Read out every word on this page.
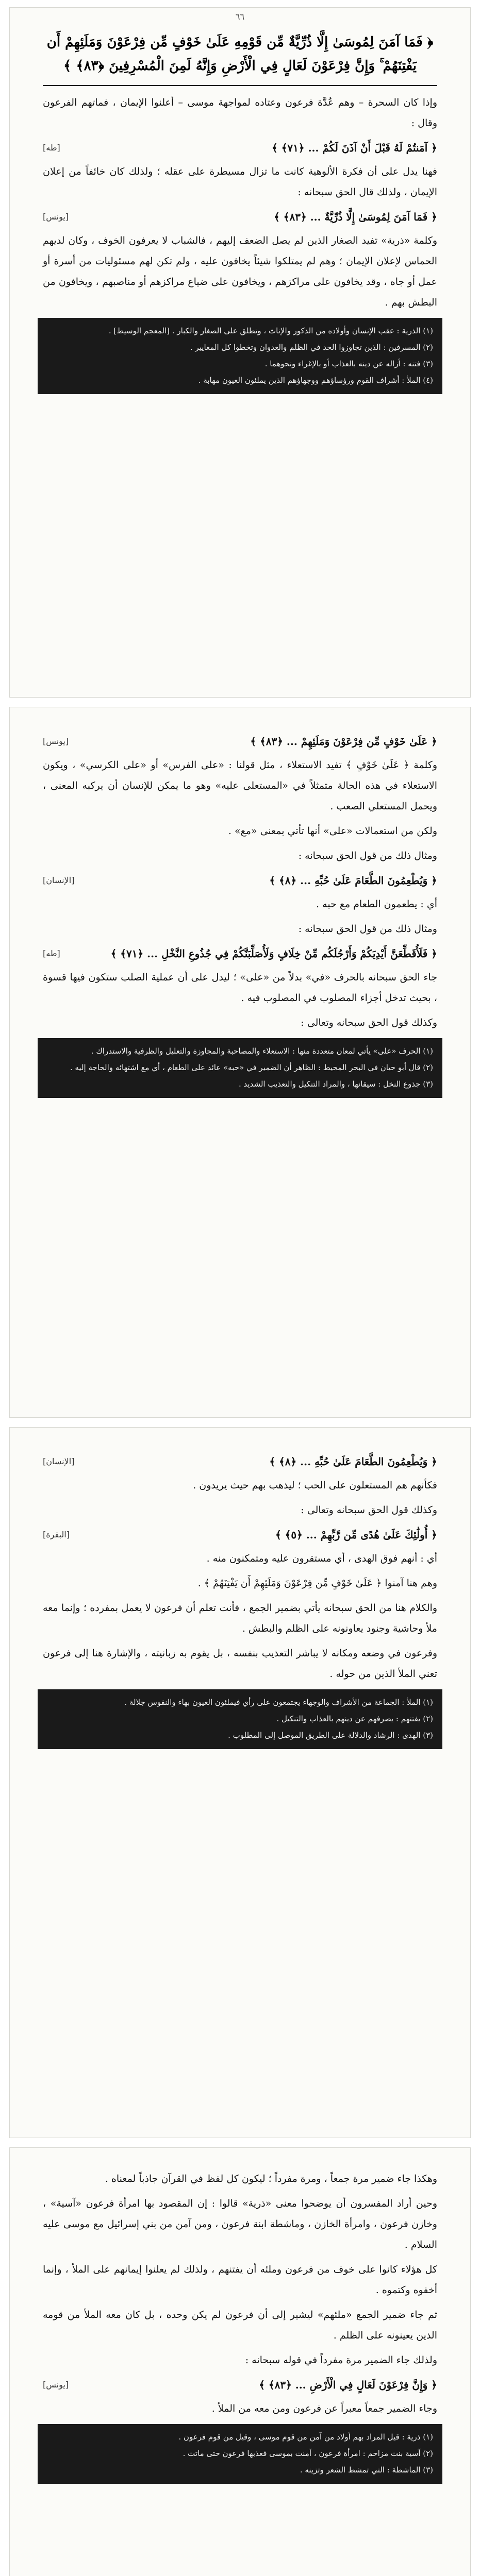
٦٦
﴿ فَمَا آمَنَ لِمُوسَىٰ إِلَّا ذُرِّيَّةٌ مِّن قَوْمِهِ عَلَىٰ خَوْفٍ مِّن فِرْعَوْنَ وَمَلَئِهِمْ أَن يَفْتِنَهُمْ ۚ وَإِنَّ فِرْعَوْنَ لَعَالٍ فِي الْأَرْضِ وَإِنَّهُ لَمِنَ الْمُسْرِفِينَ ﴿٨٣﴾ ﴾

وإذا كان السحرة – وهم عُدَّة فرعون وعتاده لمواجهة موسى – أعلنوا الإيمان ، فماتهم الفرعون وقال :

﴿ آمَنتُمْ لَهُ قَبْلَ أَنْ آذَنَ لَكُمْ ... ﴿٧١﴾ ﴾
[طه]

فهنا يدل على أن فكرة الألوهية كانت ما تزال مسيطرة على عقله ؛ ولذلك كان خائفاً من إعلان الإيمان ، ولذلك قال الحق سبحانه :

﴿ فَمَا آمَنَ لِمُوسَىٰ إِلَّا ذُرِّيَّةٌ ... ﴿٨٣﴾ ﴾
[يونس]

وكلمة «ذرية» تفيد الصغار الذين لم يصل الضعف إليهم ، فالشباب لا يعرفون الخوف ، وكان لديهم الحماس لإعلان الإيمان ؛ وهم لم يمتلكوا شيئاً يخافون عليه ، ولم تكن لهم مسئوليات من أسرة أو عمل أو جاه ، وقد يخافون على مراكزهم ، ويخافون على ضياع مراكزهم أو مناصبهم ، ويخافون من البطش بهم .

(١) الذرية : عقب الإنسان وأولاده من الذكور والإناث ، وتطلق على الصغار والكبار . [المعجم الوسيط] .
(٢) المسرفين : الذين تجاوزوا الحد في الظلم والعدوان وتخطوا كل المعايير .
(٣) فتنه : أزاله عن دينه بالعذاب أو بالإغراء ونحوهما .
(٤) الملأ : أشراف القوم ورؤساؤهم ووجهاؤهم الذين يملئون العيون مهابة .
﴿ عَلَىٰ خَوْفٍ مِّن فِرْعَوْنَ وَمَلَئِهِمْ ... ﴿٨٣﴾ ﴾
[يونس]

وكلمة ﴿ عَلَىٰ خَوْفٍ ﴾ تفيد الاستعلاء ، مثل قولنا : «على الفرس» أو «على الكرسي» ، ويكون الاستعلاء في هذه الحالة متمثلاً في «المستعلى عليه» وهو ما يمكن للإنسان أن يركبه المعنى ، ويحمل المستعلي الصعب .

ولكن من استعمالات «على» أنها تأتي بمعنى «مع» .

ومثال ذلك من قول الحق سبحانه :

﴿ وَيُطْعِمُونَ الطَّعَامَ عَلَىٰ حُبِّهِ ... ﴿٨﴾ ﴾
[الإنسان]

أي : يطعمون الطعام مع حبه .

ومثال ذلك من قول الحق سبحانه :

﴿ فَلَأُقَطِّعَنَّ أَيْدِيَكُمْ وَأَرْجُلَكُم مِّنْ خِلَافٍ وَلَأُصَلِّبَنَّكُمْ فِي جُذُوعِ النَّخْلِ ... ﴿٧١﴾ ﴾
[طه]

جاء الحق سبحانه بالحرف «في» بدلاً من «على» ؛ ليدل على أن عملية الصلب ستكون فيها قسوة ، بحيث تدخل أجزاء المصلوب في المصلوب فيه .

وكذلك قول الحق سبحانه وتعالى :

(١) الحرف «على» يأتي لمعان متعددة منها : الاستعلاء والمصاحبة والمجاوزة والتعليل والظرفية والاستدراك .
(٢) قال أبو حيان في البحر المحيط : الظاهر أن الضمير في «حبه» عائد على الطعام ، أي مع اشتهائه والحاجة إليه .
(٣) جذوع النخل : سيقانها ، والمراد التنكيل والتعذيب الشديد .
﴿ وَيُطْعِمُونَ الطَّعَامَ عَلَىٰ حُبِّهِ ... ﴿٨﴾ ﴾
[الإنسان]

فكأنهم هم المستعلون على الحب ؛ ليذهب بهم حيث يريدون .

وكذلك قول الحق سبحانه وتعالى :

﴿ أُولَٰئِكَ عَلَىٰ هُدًى مِّن رَّبِّهِمْ ... ﴿٥﴾ ﴾
[البقرة]

أي : أنهم فوق الهدى ، أي مستقرون عليه ومتمكنون منه .

وهم هنا آمنوا ﴿ عَلَىٰ خَوْفٍ مِّن فِرْعَوْنَ وَمَلَئِهِمْ أَن يَفْتِنَهُمْ ﴾ .

والكلام هنا من الحق سبحانه يأتي بضمير الجمع ، فأنت تعلم أن فرعون لا يعمل بمفرده ؛ وإنما معه ملأ وحاشية وجنود يعاونونه على الظلم والبطش .

وفرعون في وضعه ومكانه لا يباشر التعذيب بنفسه ، بل يقوم به زبانيته ، والإشارة هنا إلى فرعون تعني الملأ الذين من حوله .

(١) الملأ : الجماعة من الأشراف والوجهاء يجتمعون على رأي فيملئون العيون بهاء والنفوس جلالة .
(٢) يفتنهم : يصرفهم عن دينهم بالعذاب والتنكيل .
(٣) الهدى : الرشاد والدلالة على الطريق الموصل إلى المطلوب .

وهكذا جاء ضمير مرة جمعاً ، ومرة مفرداً ؛ ليكون كل لفظ في القرآن جاذباً لمعناه .

وحين أراد المفسرون أن يوضحوا معنى «ذرية» قالوا : إن المقصود بها امرأة فرعون «آسية» ، وخازن فرعون ، وامرأة الخازن ، وماشطة ابنة فرعون ، ومن آمن من بني إسرائيل مع موسى عليه السلام .

كل هؤلاء كانوا على خوف من فرعون وملئه أن يفتنهم ، ولذلك لم يعلنوا إيمانهم على الملأ ، وإنما أخفوه وكتموه .

ثم جاء ضمير الجمع «ملئهم» ليشير إلى أن فرعون لم يكن وحده ، بل كان معه الملأ من قومه الذين يعينونه على الظلم .

ولذلك جاء الضمير مرة مفرداً في قوله سبحانه :

﴿ وَإِنَّ فِرْعَوْنَ لَعَالٍ فِي الْأَرْضِ ... ﴿٨٣﴾ ﴾
[يونس]

وجاء الضمير جمعاً معبراً عن فرعون ومن معه من الملأ .

(١) ذرية : قيل المراد بهم أولاد من آمن من قوم موسى ، وقيل من قوم فرعون .
(٢) آسية بنت مزاحم : امرأة فرعون ، آمنت بموسى فعذبها فرعون حتى ماتت .
(٣) الماشطة : التي تمشط الشعر وتزينه .
